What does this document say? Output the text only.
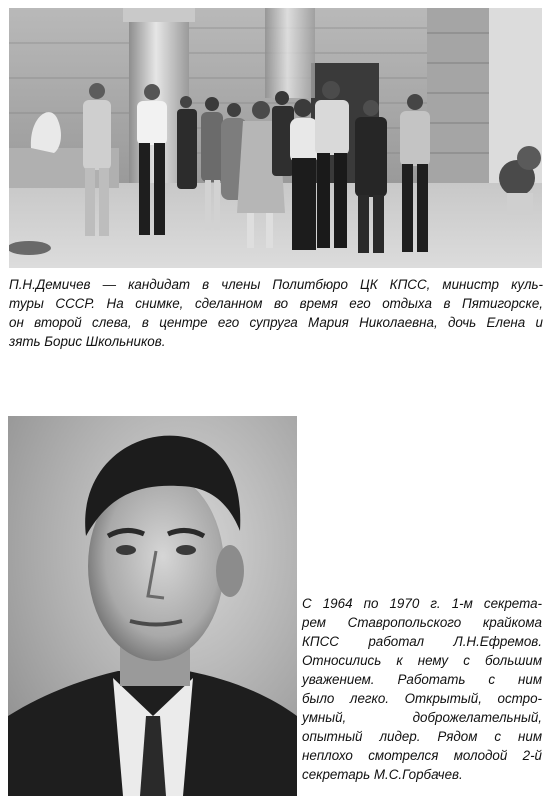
П.Н.Демичев — кандидат в члены Политбюро ЦК КПСС, министр куль-
туры СССР. На снимке, сделанном во время его отдыха в Пятигорске,
он второй слева, в центре его супруга Мария Николаевна, дочь Елена и
зять Борис Школьников.

С 1964 по 1970 г. 1-м секрета-
рем Ставропольского крайкома
КПСС работал Л.Н.Ефремов.
Относились к нему с большим
уважением. Работать с ним
было легко. Открытый, остро-
умный, доброжелательный,
опытный лидер. Рядом с ним
неплохо смотрелся молодой 2-й
секретарь М.С.Горбачев.
